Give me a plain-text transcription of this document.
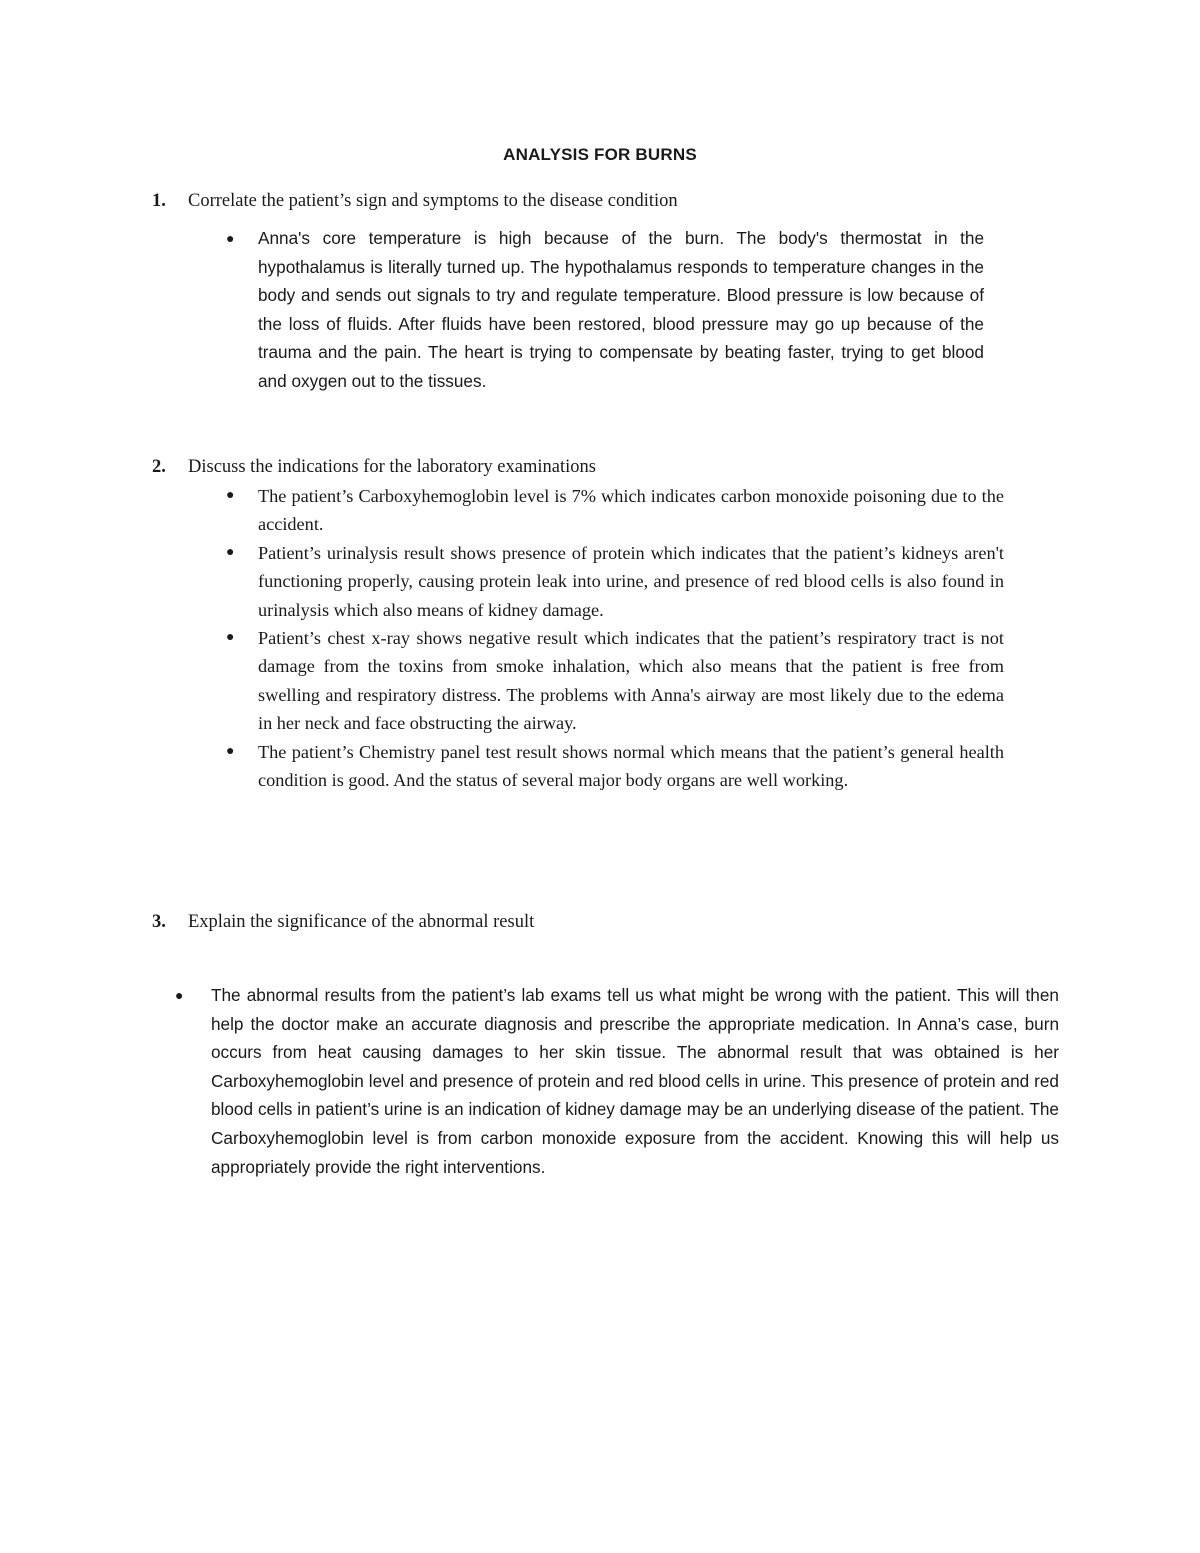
ANALYSIS FOR BURNS
1. Correlate the patient’s sign and symptoms to the disease condition
● Anna's core temperature is high because of the burn. The body's thermostat in the hypothalamus is literally turned up. The hypothalamus responds to temperature changes in the body and sends out signals to try and regulate temperature. Blood pressure is low because of the loss of fluids. After fluids have been restored, blood pressure may go up because of the trauma and the pain. The heart is trying to compensate by beating faster, trying to get blood and oxygen out to the tissues.
2. Discuss the indications for the laboratory examinations
● The patient’s Carboxyhemoglobin level is 7% which indicates carbon monoxide poisoning due to the accident.
● Patient’s urinalysis result shows presence of protein which indicates that the patient’s kidneys aren't functioning properly, causing protein leak into urine, and presence of red blood cells is also found in urinalysis which also means of kidney damage.
● Patient’s chest x-ray shows negative result which indicates that the patient’s respiratory tract is not damage from the toxins from smoke inhalation, which also means that the patient is free from swelling and respiratory distress. The problems with Anna's airway are most likely due to the edema in her neck and face obstructing the airway.
● The patient’s Chemistry panel test result shows normal which means that the patient’s general health condition is good. And the status of several major body organs are well working.
3. Explain the significance of the abnormal result
● The abnormal results from the patient’s lab exams tell us what might be wrong with the patient. This will then help the doctor make an accurate diagnosis and prescribe the appropriate medication. In Anna’s case, burn occurs from heat causing damages to her skin tissue. The abnormal result that was obtained is her Carboxyhemoglobin level and presence of protein and red blood cells in urine. This presence of protein and red blood cells in patient’s urine is an indication of kidney damage may be an underlying disease of the patient. The Carboxyhemoglobin level is from carbon monoxide exposure from the accident. Knowing this will help us appropriately provide the right interventions.
